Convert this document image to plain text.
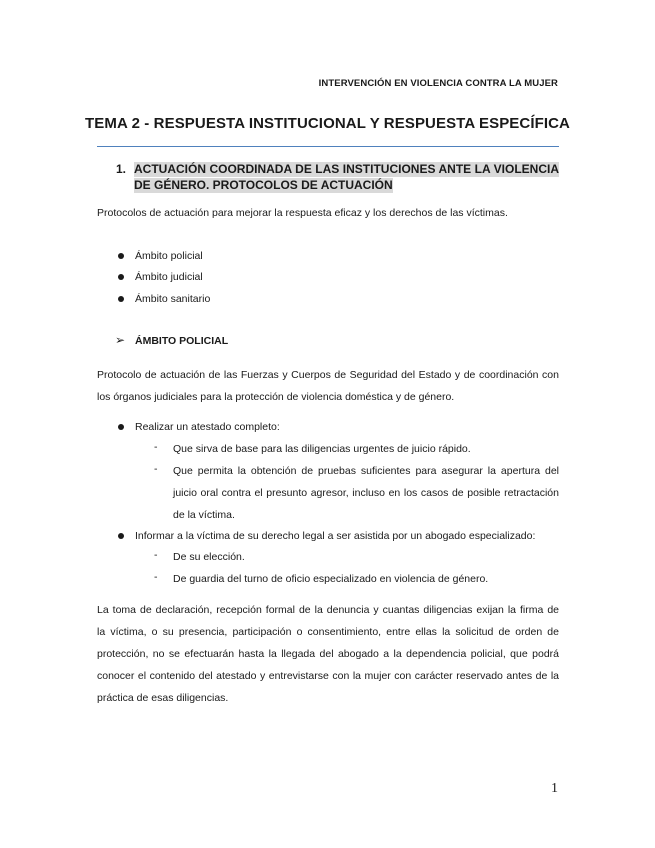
INTERVENCIÓN EN VIOLENCIA CONTRA LA MUJER
TEMA 2 - RESPUESTA INSTITUCIONAL Y RESPUESTA ESPECÍFICA
1. ACTUACIÓN COORDINADA DE LAS INSTITUCIONES ANTE LA VIOLENCIA
DE GÉNERO. PROTOCOLOS DE ACTUACIÓN
Protocolos de actuación para mejorar la respuesta eficaz y los derechos de las víctimas.
Ámbito policial
Ámbito judicial
Ámbito sanitario
➢ ÁMBITO POLICIAL
Protocolo de actuación de las Fuerzas y Cuerpos de Seguridad del Estado y de coordinación con
los órganos judiciales para la protección de violencia doméstica y de género.
Realizar un atestado completo:
- Que sirva de base para las diligencias urgentes de juicio rápido.
- Que permita la obtención de pruebas suficientes para asegurar la apertura del
juicio oral contra el presunto agresor, incluso en los casos de posible retractación
de la víctima.
Informar a la víctima de su derecho legal a ser asistida por un abogado especializado:
- De su elección.
- De guardia del turno de oficio especializado en violencia de género.
La toma de declaración, recepción formal de la denuncia y cuantas diligencias exijan la firma de
la víctima, o su presencia, participación o consentimiento, entre ellas la solicitud de orden de
protección, no se efectuarán hasta la llegada del abogado a la dependencia policial, que podrá
conocer el contenido del atestado y entrevistarse con la mujer con carácter reservado antes de la
práctica de esas diligencias.
1
